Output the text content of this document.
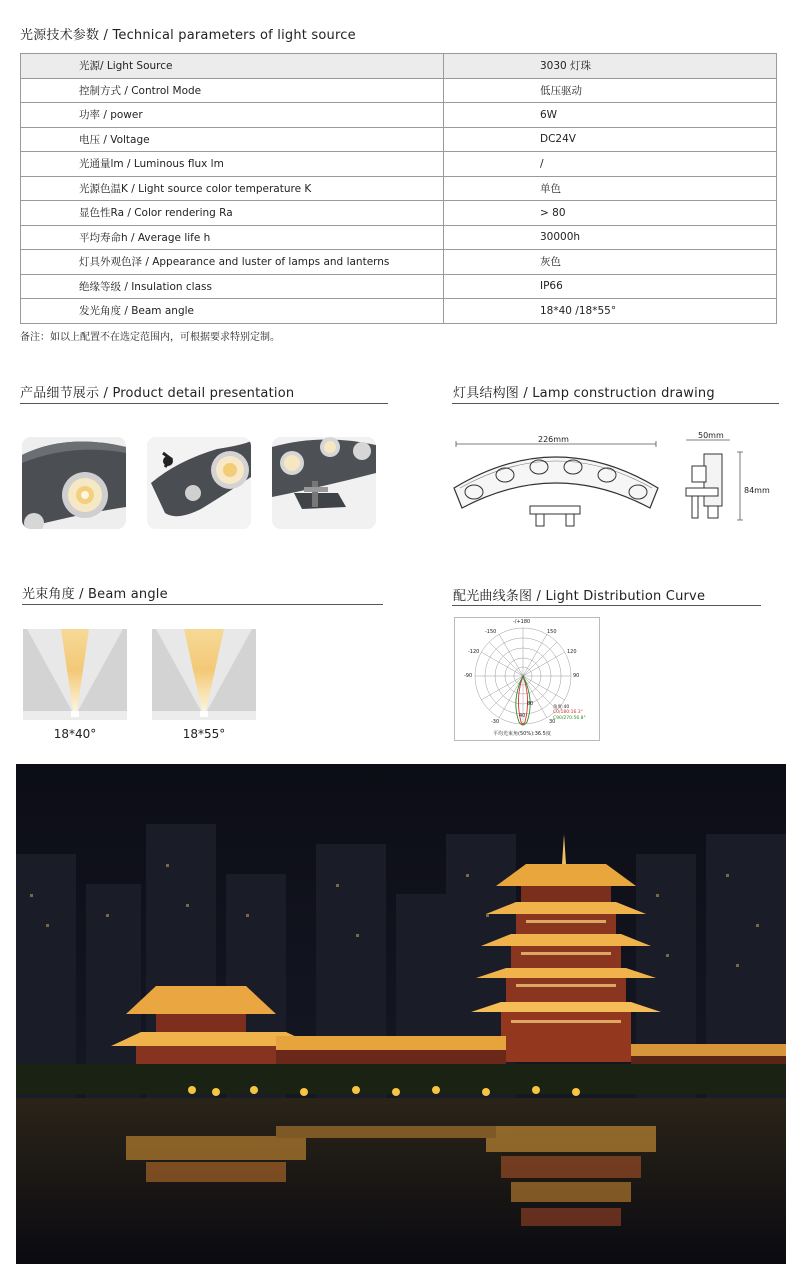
光源技术参数 / Technical parameters of light source
光源/ Light Source	3030 灯珠
控制方式 / Control Mode	低压驱动
功率 / power	6W
电压 / Voltage	DC24V
光通量lm / Luminous flux lm	/
光源色温K / Light source color temperature K	单色
显色性Ra / Color rendering Ra	> 80
平均寿命h / Average life h	30000h
灯具外观色泽 / Appearance and luster of lamps and lanterns	灰色
绝缘等级 / Insulation class	IP66
发光角度 / Beam angle	18*40 /18*55°
备注：如以上配置不在选定范围内，可根据要求特别定制。
产品细节展示 / Product detail presentation	灯具结构图 / Lamp construction drawing
226mm	50mm
84mm
光束角度 / Beam angle
18*40°	18*55°
配光曲线条图 / Light Distribution Curve
-/+180
-150	150
-120	120
-90	90
-30	30
80
40
角度:40
C0/180:16.3°
C90/270:56.8°
平均光束角(50%):36.5度
